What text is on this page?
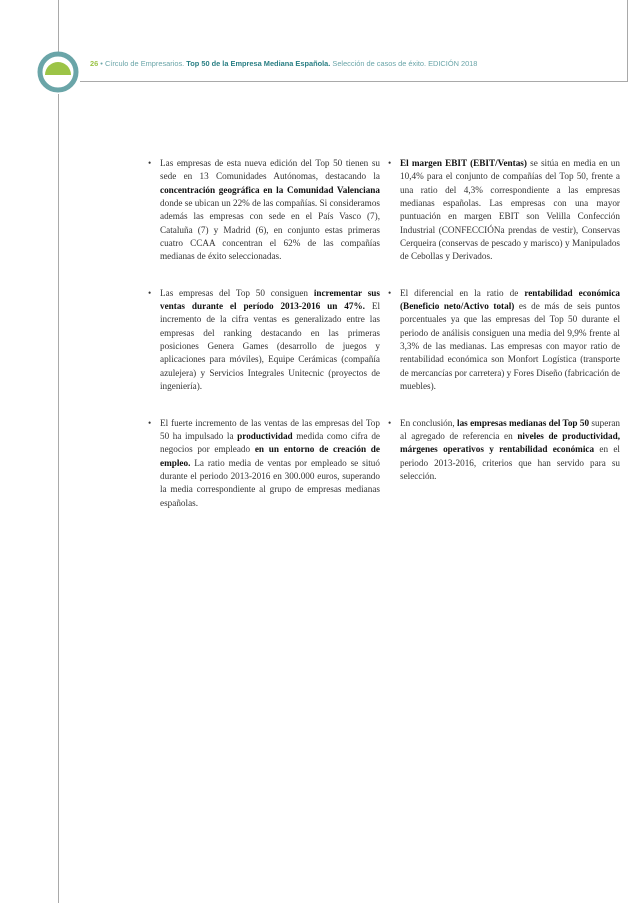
26 • Círculo de Empresarios. Top 50 de la Empresa Mediana Española. Selección de casos de éxito. EDICIÓN 2018
• Las empresas de esta nueva edición del Top 50 tienen su sede en 13 Comunidades Autónomas, destacando la concentración geográfica en la Comunidad Valenciana donde se ubican un 22% de las compañías. Si consideramos además las empresas con sede en el País Vasco (7), Cataluña (7) y Madrid (6), en conjunto estas primeras cuatro CCAA concentran el 62% de las compañías medianas de éxito seleccionadas.
• Las empresas del Top 50 consiguen incrementar sus ventas durante el período 2013-2016 un 47%. El incremento de la cifra ventas es generalizado entre las empresas del ranking destacando en las primeras posiciones Genera Games (desarrollo de juegos y aplicaciones para móviles), Equipe Cerámicas (compañía azulejera) y Servicios Integrales Unitecnic (proyectos de ingeniería).
• El fuerte incremento de las ventas de las empresas del Top 50 ha impulsado la productividad medida como cifra de negocios por empleado en un entorno de creación de empleo. La ratio media de ventas por empleado se situó durante el periodo 2013-2016 en 300.000 euros, superando la media correspondiente al grupo de empresas medianas españolas.
• El margen EBIT (EBIT/Ventas) se sitúa en media en un 10,4% para el conjunto de compañías del Top 50, frente a una ratio del 4,3% correspondiente a las empresas medianas españolas. Las empresas con una mayor puntuación en margen EBIT son Velilla Confección Industrial (CONFECCIÓNa prendas de vestir), Conservas Cerqueira (conservas de pescado y marisco) y Manipulados de Cebollas y Derivados.
• El diferencial en la ratio de rentabilidad económica (Beneficio neto/Activo total) es de más de seis puntos porcentuales ya que las empresas del Top 50 durante el periodo de análisis consiguen una media del 9,9% frente al 3,3% de las medianas. Las empresas con mayor ratio de rentabilidad económica son Monfort Logística (transporte de mercancías por carretera) y Fores Diseño (fabricación de muebles).
• En conclusión, las empresas medianas del Top 50 superan al agregado de referencia en niveles de productividad, márgenes operativos y rentabilidad económica en el periodo 2013-2016, criterios que han servido para su selección.
